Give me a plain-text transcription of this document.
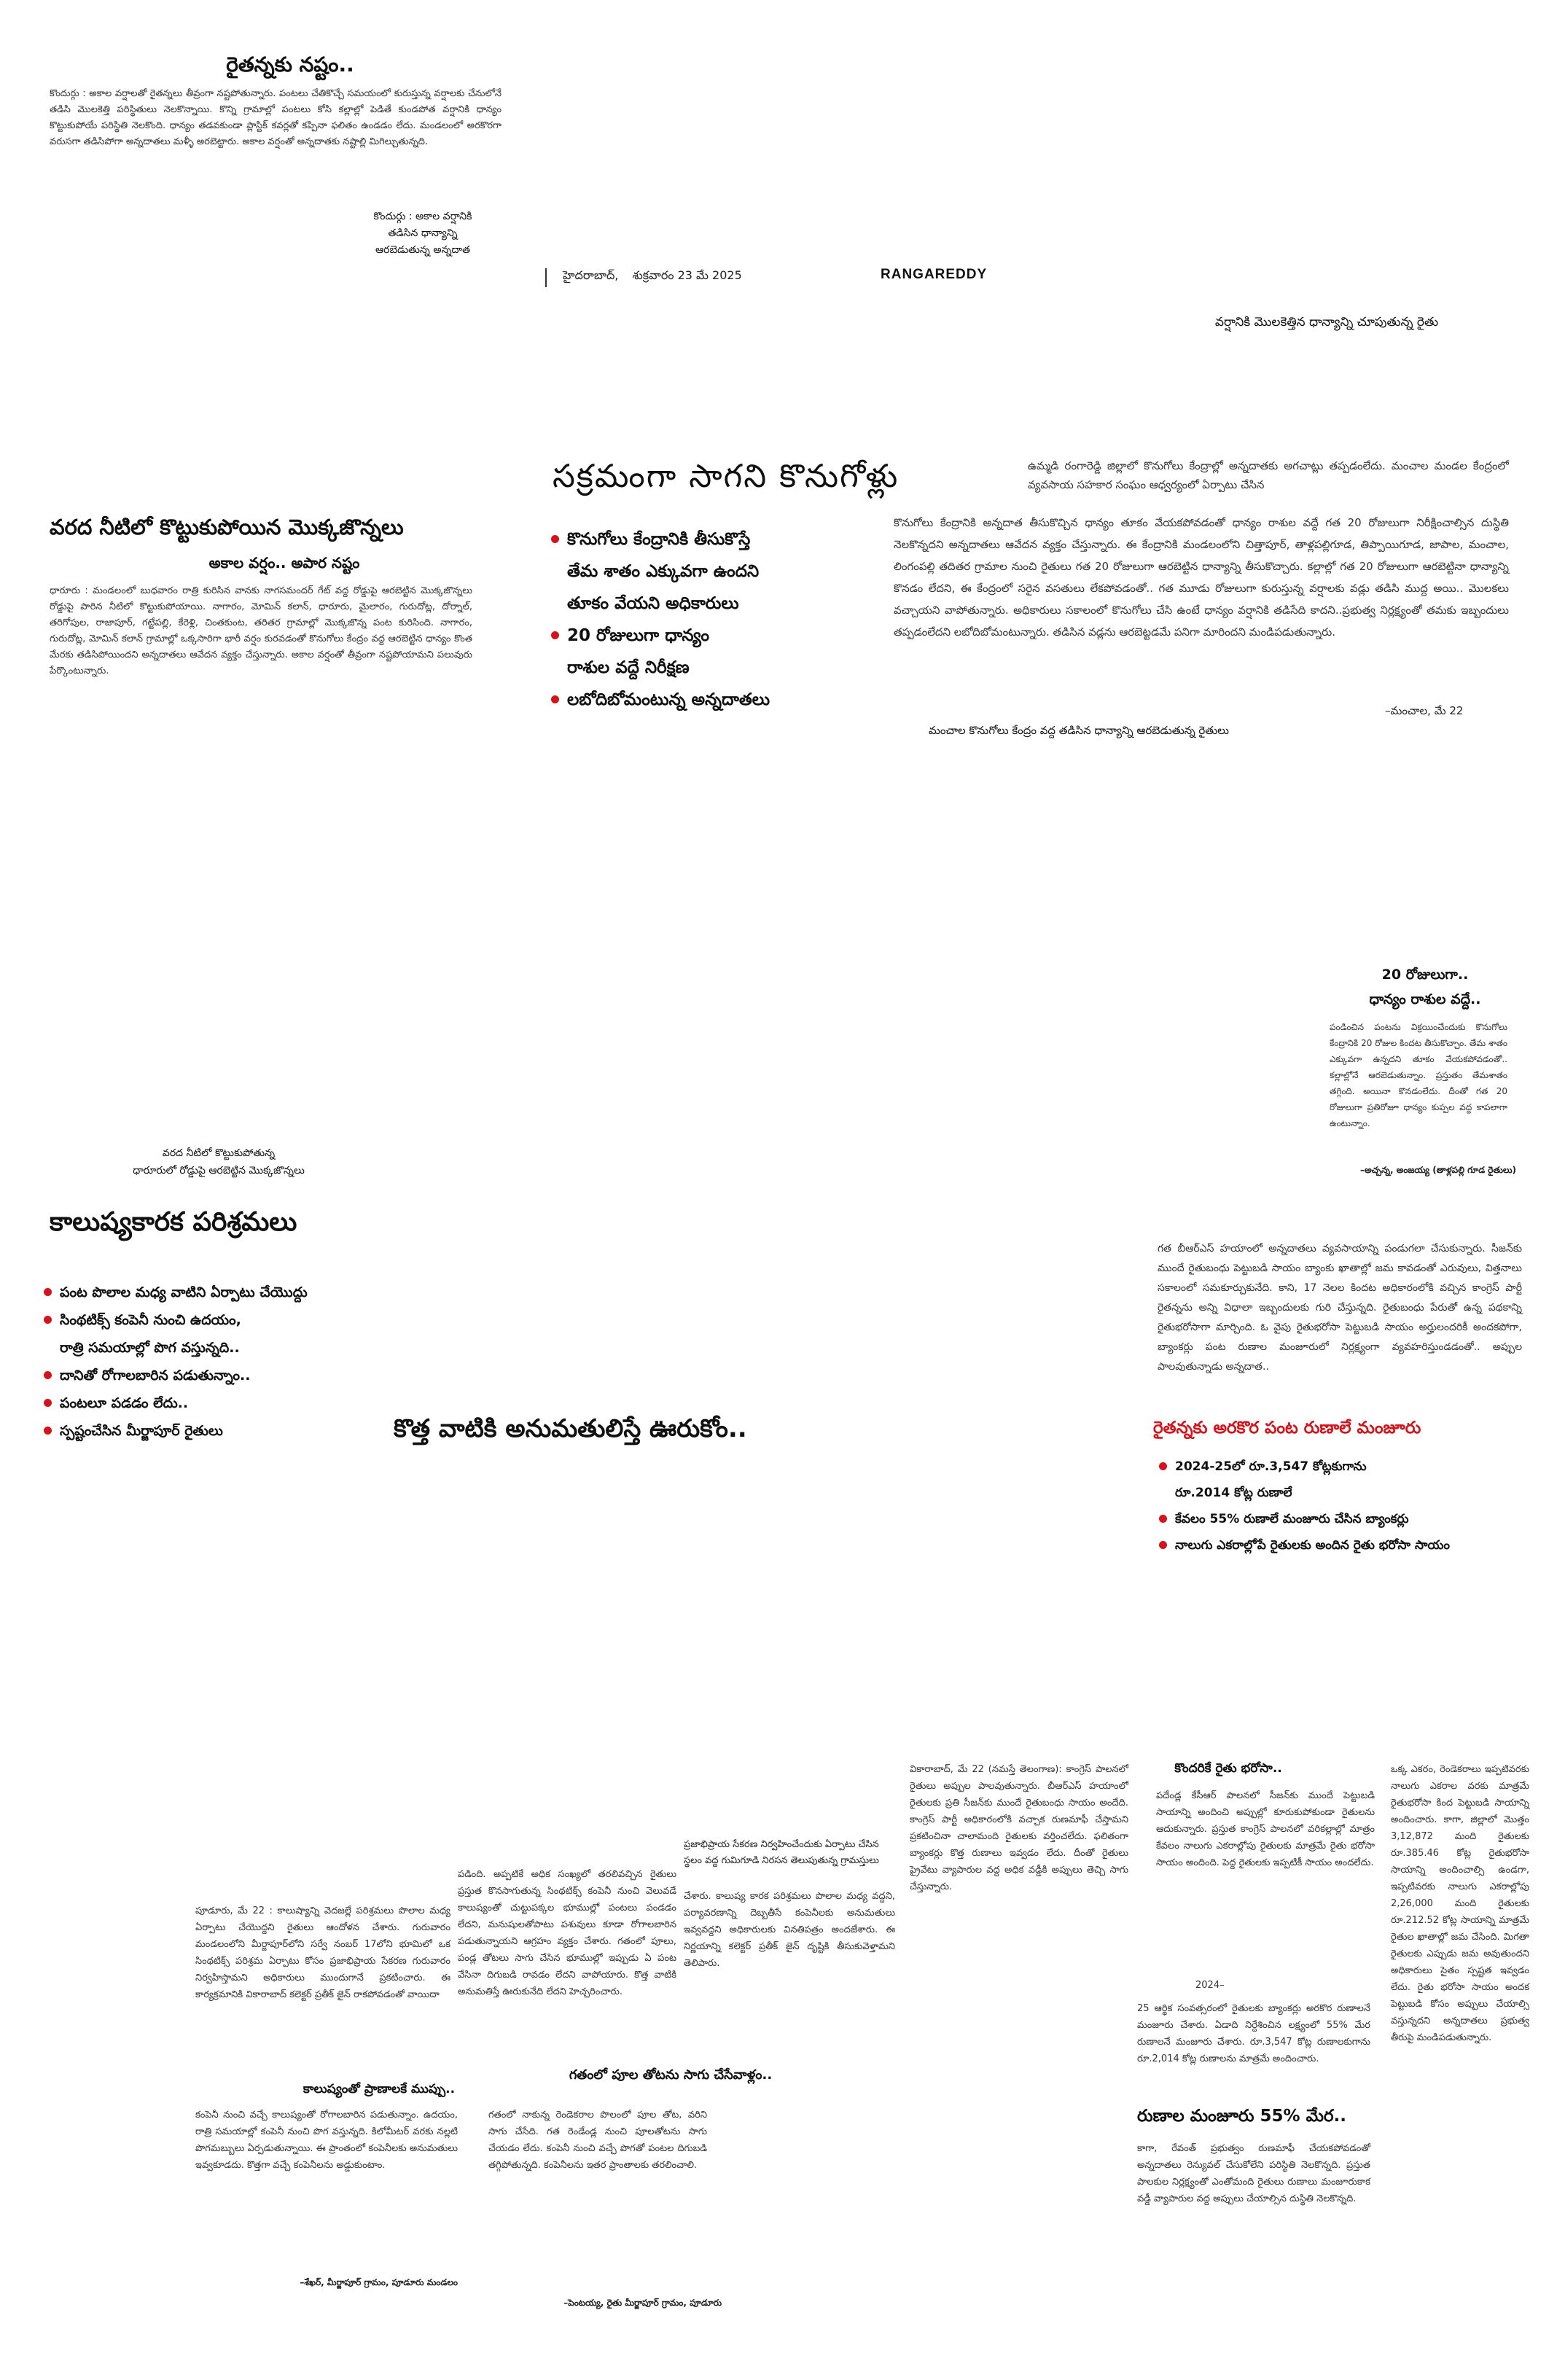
రైతన్నకు నష్టం..
కొందుర్గు : అకాల వర్షాలతో రైతన్నలు తీవ్రంగా నష్టపోతున్నారు. పంటలు చేతికొచ్చే సమయంలో కురుస్తున్న వర్షాలకు చేనులోనే తడిసి మొలకెత్తి పరిస్థితులు నెలకొన్నాయి. కొన్ని గ్రామాల్లో పంటలు కోసి కల్లాల్లో పెడితే కుండపోత వర్షానికి ధాన్యం కొట్టుకుపోయే పరిస్థితి నెలకొంది. ధాన్యం తడవకుండా ప్లాస్టిక్ కవర్లతో కప్పినా ఫలితం ఉండడం లేదు. మండలంలో అరకొరగా వరుసగా తడిసిపోగా అన్నదాతలు మళ్ళీ అరబెట్టారు. అకాల వర్షంతో అన్నదాతకు నష్టాల్లి మిగిల్చుతున్నది.
కొందుర్గు : అకాల వర్షానికి
తడిసిన ధాన్యాన్ని
ఆరబెడుతున్న అన్నదాత
హైదరాబాద్, శుక్రవారం 23 మే 2025	RANGAREDDY
వర్షానికి మొలకెత్తిన ధాన్యాన్ని చూపుతున్న రైతు
వరద నీటిలో కొట్టుకుపోయిన మొక్కజొన్నలు
అకాల వర్షం.. అపార నష్టం
ధారూరు : మండలంలో బుధవారం రాత్రి కురిసిన వానకు నాగసమందర్ గేట్ వద్ద రోడ్డుపై ఆరబెట్టిన మొక్కజొన్నలు రోడ్డుపై పారిన నీటిలో కొట్టుకుపోయాయి. నాగారం, మోమిన్ కలాన్, ధారూరు, మైలారం, గురుదోట్ల, దోర్నాల్, తరిగోపుల, రాజాపూర్, గట్టేపల్లి, కేరెళ్లి, చింతకుంట, తరితర గ్రామాల్లో మొక్కజొన్న పంట కురిసింది. నాగారం, గురుదోట్ల, మోమిన్ కలాన్ గ్రామాల్లో ఒక్కసారిగా భారీ వర్షం కురవడంతో కొనుగోలు కేంద్రం వద్ద ఆరబెట్టిన ధాన్యం కొంత మేరకు తడిసిపోయిందని అన్నదాతలు ఆవేదన వ్యక్తం చేస్తున్నారు. అకాల వర్షంతో తీవ్రంగా నష్టపోయామని పలువురు పేర్కొంటున్నారు.
వరద నీటిలో కొట్టుకుపోతున్న
ధారూరులో రోడ్డుపై ఆరబెట్టిన మొక్కజొన్నలు
సక్రమంగా సాగని కొనుగోళ్లు
కొనుగోలు కేంద్రానికి తీసుకొస్తే
తేమ శాతం ఎక్కువగా ఉందని
తూకం వేయని అధికారులు
20 రోజులుగా ధాన్యం
రాశుల వద్దే నిరీక్షణ
లబోదిబోమంటున్న అన్నదాతలు
ఉమ్మడి రంగారెడ్డి జిల్లాలో కొనుగోలు కేంద్రాల్లో అన్నదాతకు అగచాట్లు తప్పడంలేదు. మంచాల మండల కేంద్రంలో వ్యవసాయ సహకార సంఘం ఆధ్వర్యంలో ఏర్పాటు చేసిన
కొనుగోలు కేంద్రానికి అన్నదాత తీసుకొచ్చిన ధాన్యం తూకం వేయకపోవడంతో ధాన్యం రాశుల వద్దే గత 20 రోజులుగా నిరీక్షించాల్సిన దుస్థితి నెలకొన్నదని అన్నదాతలు ఆవేదన వ్యక్తం చేస్తున్నారు. ఈ కేంద్రానికి మండలంలోని చిత్తాపూర్, తాళ్లపల్లిగూడ, తిప్పాయిగూడ, జాపాల, మంచాల, లింగంపల్లి తదితర గ్రామాల నుంచి రైతులు గత 20 రోజులుగా ఆరబెట్టిన ధాన్యాన్ని తీసుకొచ్చారు. కల్లాల్లో గత 20 రోజులుగా ఆరబెట్టినా ధాన్యాన్ని కొనడం లేదని, ఈ కేంద్రంలో సరైన వసతులు లేకపోవడంతో.. గత మూడు రోజులుగా కురుస్తున్న వర్షాలకు వడ్లు తడిసి ముద్ద అయి.. మొలకలు వచ్చాయని వాపోతున్నారు. అధికారులు సకాలంలో కొనుగోలు చేసి ఉంటే ధాన్యం వర్షానికి తడిసేది కాదని..ప్రభుత్వ నిర్లక్ష్యంతో తమకు ఇబ్బందులు తప్పడంలేదని లబోదిబోమంటున్నారు. తడిసిన వడ్లను ఆరబెట్టడమే పనిగా మారిందని మండిపడుతున్నారు.
–మంచాల, మే 22
మంచాల కొనుగోలు కేంద్రం వద్ద తడిసిన ధాన్యాన్ని ఆరబెడుతున్న రైతులు
20 రోజులుగా..
ధాన్యం రాశుల వద్దే..
పండించిన పంటను విక్రయించేందుకు కొనుగోలు కేంద్రానికి 20 రోజుల కిందట తీసుకొచ్చాం. తేమ శాతం ఎక్కువగా ఉన్నదని తూకం వేయకపోవడంతో.. కల్లాల్లోనే ఆరబెడుతున్నాం. ప్రస్తుతం తేమశాతం తగ్గింది. అయినా కొనడంలేదు. దీంతో గత 20 రోజులుగా ప్రతిరోజూ ధాన్యం కుప్పల వద్ద కాపలాగా ఉంటున్నాం.
–అచ్చన్న, అంజయ్య (తాళ్లపల్లి గూడ రైతులు)
కాలుష్యకారక పరిశ్రమలు
పంట పొలాల మధ్య వాటిని ఏర్పాటు చేయొద్దు
సింథటిక్స్ కంపెనీ నుంచి ఉదయం,
రాత్రి సమయాల్లో పొగ వస్తున్నది..
దానితో రోగాలబారిన పడుతున్నాం..
పంటలూ పడడం లేదు..
స్పష్టంచేసిన మీర్జాపూర్ రైతులు	కొత్త వాటికి అనుమతులిస్తే ఊరుకోం..
పూడూరు, మే 22 : కాలుష్యాన్ని వెదజల్లే పరిశ్రమలు పొలాల మధ్య ఏర్పాటు చేయొద్దని రైతులు ఆందోళన చేశారు. గురువారం మండలంలోని మీర్జాపూర్‌లోని సర్వే నంబర్ 17లోని భూమిలో ఒక సింథటిక్స్ పరిశ్రమ ఏర్పాటు కోసం ప్రజాభిప్రాయ సేకరణ గురువారం నిర్వహిస్తామని అధికారులు ముందుగానే ప్రకటించారు. ఈ కార్యక్రమానికి వికారాబాద్ కలెక్టర్ ప్రతీక్ జైన్ రాకపోవడంతో వాయిదా
పడింది. అప్పటికే అధిక సంఖ్యలో తరలివచ్చిన రైతులు ప్రస్తుత కొనసాగుతున్న సింథటిక్స్ కంపెనీ నుంచి వెలువడే కాలుష్యంతో చుట్టుపక్కల భూముల్లో పంటలు పండడం లేదని, మనుషులతోపాటు పశువులు కూడా రోగాలబారిన పడుతున్నాయని ఆగ్రహం వ్యక్తం చేశారు. గతంలో పూలు, పండ్ల తోటలు సాగు చేసిన భూముల్లో ఇప్పుడు ఏ పంట వేసినా దిగుబడి రావడం లేదని వాపోయారు. కొత్త వాటికి అనుమతిస్తే ఊరుకునేది లేదని హెచ్చరించారు.
ప్రజాభిప్రాయ సేకరణ నిర్వహించేందుకు ఏర్పాటు చేసిన స్థలం వద్ద గుమిగూడి నిరసన తెలుపుతున్న గ్రామస్తులు
చేశారు. కాలుష్య కారక పరిశ్రమలు పొలాల మధ్య వద్దని, పర్యావరణాన్ని దెబ్బతీసే కంపెనీలకు అనుమతులు ఇవ్వవద్దని అధికారులకు వినతిపత్రం అందజేశారు. ఈ నిర్ణయాన్ని కలెక్టర్ ప్రతీక్ జైన్ దృష్టికి తీసుకువెళ్తామని తెలిపారు.
కాలుష్యంతో ప్రాణాలకే ముప్పు..
కంపెనీ నుంచి వచ్చే కాలుష్యంతో రోగాలబారిన పడుతున్నాం. ఉదయం, రాత్రి సమయాల్లో కంపెనీ నుంచి పొగ వస్తున్నది. కిలోమీటర్ వరకు నల్లటి పొగమబ్బులు ఏర్పడుతున్నాయి. ఈ ప్రాంతంలో కంపెనీలకు అనుమతులు ఇవ్వకూడదు. కొత్తగా వచ్చే కంపెనీలను అడ్డుకుంటాం.
–శేఖర్, మీర్జాపూర్ గ్రామం, పూడూరు మండలం
గతంలో పూల తోటను సాగు చేసేవాళ్లం..
గతంలో నాకున్న రెండెకరాల పొలంలో పూల తోట, వరిని సాగు చేసేది. గత రెండేండ్ల నుంచి పూలతోటను సాగు చేయడం లేదు. కంపెనీ నుంచి వచ్చే పొగతో పంటల దిగుబడి తగ్గిపోతున్నది. కంపెనీలను ఇతర ప్రాంతాలకు తరలించాలి.
–పెంటయ్య, రైతు మీర్జాపూర్ గ్రామం, పూడూరు
గత బీఆర్ఎస్ హయాంలో అన్నదాతలు వ్యవసాయాన్ని పండుగలా చేసుకున్నారు. సీజన్‌కు ముందే రైతుబంధు పెట్టుబడి సాయం బ్యాంకు ఖాతాల్లో జమ కావడంతో ఎరువులు, విత్తనాలు సకాలంలో సమకూర్చుకునేది. కాని, 17 నెలల కిందట అధికారంలోకి వచ్చిన కాంగ్రెస్ పార్టీ రైతన్నను అన్ని విధాలా ఇబ్బందులకు గురి చేస్తున్నది. రైతుబంధు పేరుతో ఉన్న పథకాన్ని రైతుభరోసాగా మార్చింది. ఓ వైపు రైతుభరోసా పెట్టుబడి సాయం అర్హులందరికీ అందకపోగా, బ్యాంకర్లు పంట రుణాల మంజూరులో నిర్లక్ష్యంగా వ్యవహరిస్తుండడంతో.. అప్పుల పాలవుతున్నాడు అన్నదాత..
రైతన్నకు అరకొర పంట రుణాలే మంజూరు
2024-25లో రూ.3,547 కోట్లకుగాను
రూ.2014 కోట్ల రుణాలే
కేవలం 55% రుణాలే మంజూరు చేసిన బ్యాంకర్లు
నాలుగు ఎకరాల్లోపే రైతులకు అందిన రైతు భరోసా సాయం
వికారాబాద్, మే 22 (నమస్తే తెలంగాణ): కాంగ్రెస్ పాలనలో రైతులు అప్పుల పాలవుతున్నారు. బీఆర్ఎస్ హయాంలో రైతులకు ప్రతి సీజన్‌కు ముందే రైతుబంధు సాయం అందేది. కాంగ్రెస్ పార్టీ అధికారంలోకి వచ్చాక రుణమాఫీ చేస్తామని ప్రకటించినా చాలామంది రైతులకు వర్తించలేదు. ఫలితంగా బ్యాంకర్లు కొత్త రుణాలు ఇవ్వడం లేదు. దీంతో రైతులు ప్రైవేటు వ్యాపారుల వద్ద అధిక వడ్డీకి అప్పులు తెచ్చి సాగు చేస్తున్నారు.
కొందరికే రైతు భరోసా..
పదేండ్ల కేసీఆర్ పాలనలో సీజన్‌కు ముందే పెట్టుబడి సాయాన్ని అందించి అప్పుల్లో కూరుకుపోకుండా రైతులను ఆదుకున్నారు. ప్రస్తుత కాంగ్రెస్ పాలనలో వరికల్లాల్లో మాత్రం కేవలం నాలుగు ఎకరాల్లోపు రైతులకు మాత్రమే రైతు భరోసా సాయం అందింది. పెద్ద రైతులకు ఇప్పటికీ సాయం అందలేదు.
2024–
25 ఆర్థిక సంవత్సరంలో రైతులకు బ్యాంకర్లు అరకొర రుణాలనే మంజూరు చేశారు. ఏడాది నిర్దేశించిన లక్ష్యంలో 55% మేర రుణాలనే మంజూరు చేశారు. రూ.3,547 కోట్ల రుణాలకుగాను రూ.2,014 కోట్ల రుణాలను మాత్రమే అందించారు.
రుణాల మంజూరు 55% మేర..
కాగా, రేవంత్ ప్రభుత్వం రుణమాఫీ చేయకపోవడంతో అన్నదాతలు రెన్యువల్ చేసుకోలేని పరిస్థితి నెలకొన్నది. ప్రస్తుత పాలకుల నిర్లక్ష్యంతో ఎంతోమంది రైతులు రుణాలు మంజూరుకాక వడ్డీ వ్యాపారుల వద్ద అప్పులు చేయాల్సిన దుస్థితి నెలకొన్నది.
ఒక్క ఎకరం, రెండెకరాలు ఇప్పటివరకు నాలుగు ఎకరాల వరకు మాత్రమే రైతుభరోసా కింద పెట్టుబడి సాయాన్ని అందించారు. కాగా, జిల్లాలో మొత్తం 3,12,872 మంది రైతులకు రూ.385.46 కోట్ల రైతుభరోసా సాయాన్ని అందించాల్సి ఉండగా, ఇప్పటివరకు నాలుగు ఎకరాల్లోపు 2,26,000 మంది రైతులకు రూ.212.52 కోట్ల సాయాన్ని మాత్రమే రైతుల ఖాతాల్లో జమ చేసింది. మిగతా రైతులకు ఎప్పుడు జమ అవుతుందని అధికారులు సైతం స్పష్టత ఇవ్వడం లేదు. రైతు భరోసా సాయం అందక పెట్టుబడి కోసం అప్పులు చేయాల్సి వస్తున్నదని అన్నదాతలు ప్రభుత్వ తీరుపై మండిపడుతున్నారు.
